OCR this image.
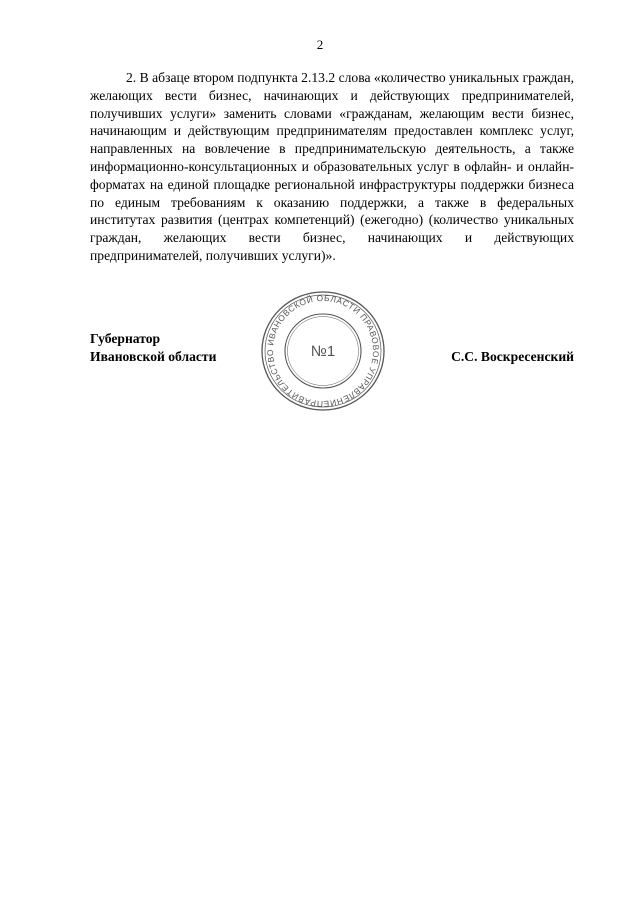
2

2. В абзаце втором подпункта 2.13.2 слова «количество уникальных граждан, желающих вести бизнес, начинающих и действующих предпринимателей, получивших услуги» заменить словами «гражданам, желающим вести бизнес, начинающим и действующим предпринимателям предоставлен комплекс услуг, направленных на вовлечение в предпринимательскую деятельность, а также информационно-консультационных и образовательных услуг в офлайн- и онлайн-форматах на единой площадке региональной инфраструктуры поддержки бизнеса по единым требованиям к оказанию поддержки, а также в федеральных институтах развития (центрах компетенций) (ежегодно) (количество уникальных граждан, желающих вести бизнес, начинающих и действующих предпринимателей, получивших услуги)».

Губернатор
Ивановской области	С.С. Воскресенский
ПРАВИТЕЛЬСТВО ИВАНОВСКОЙ ОБЛАСТИ ПРАВОВОЕ УПРАВЛЕНИЕ
№1
